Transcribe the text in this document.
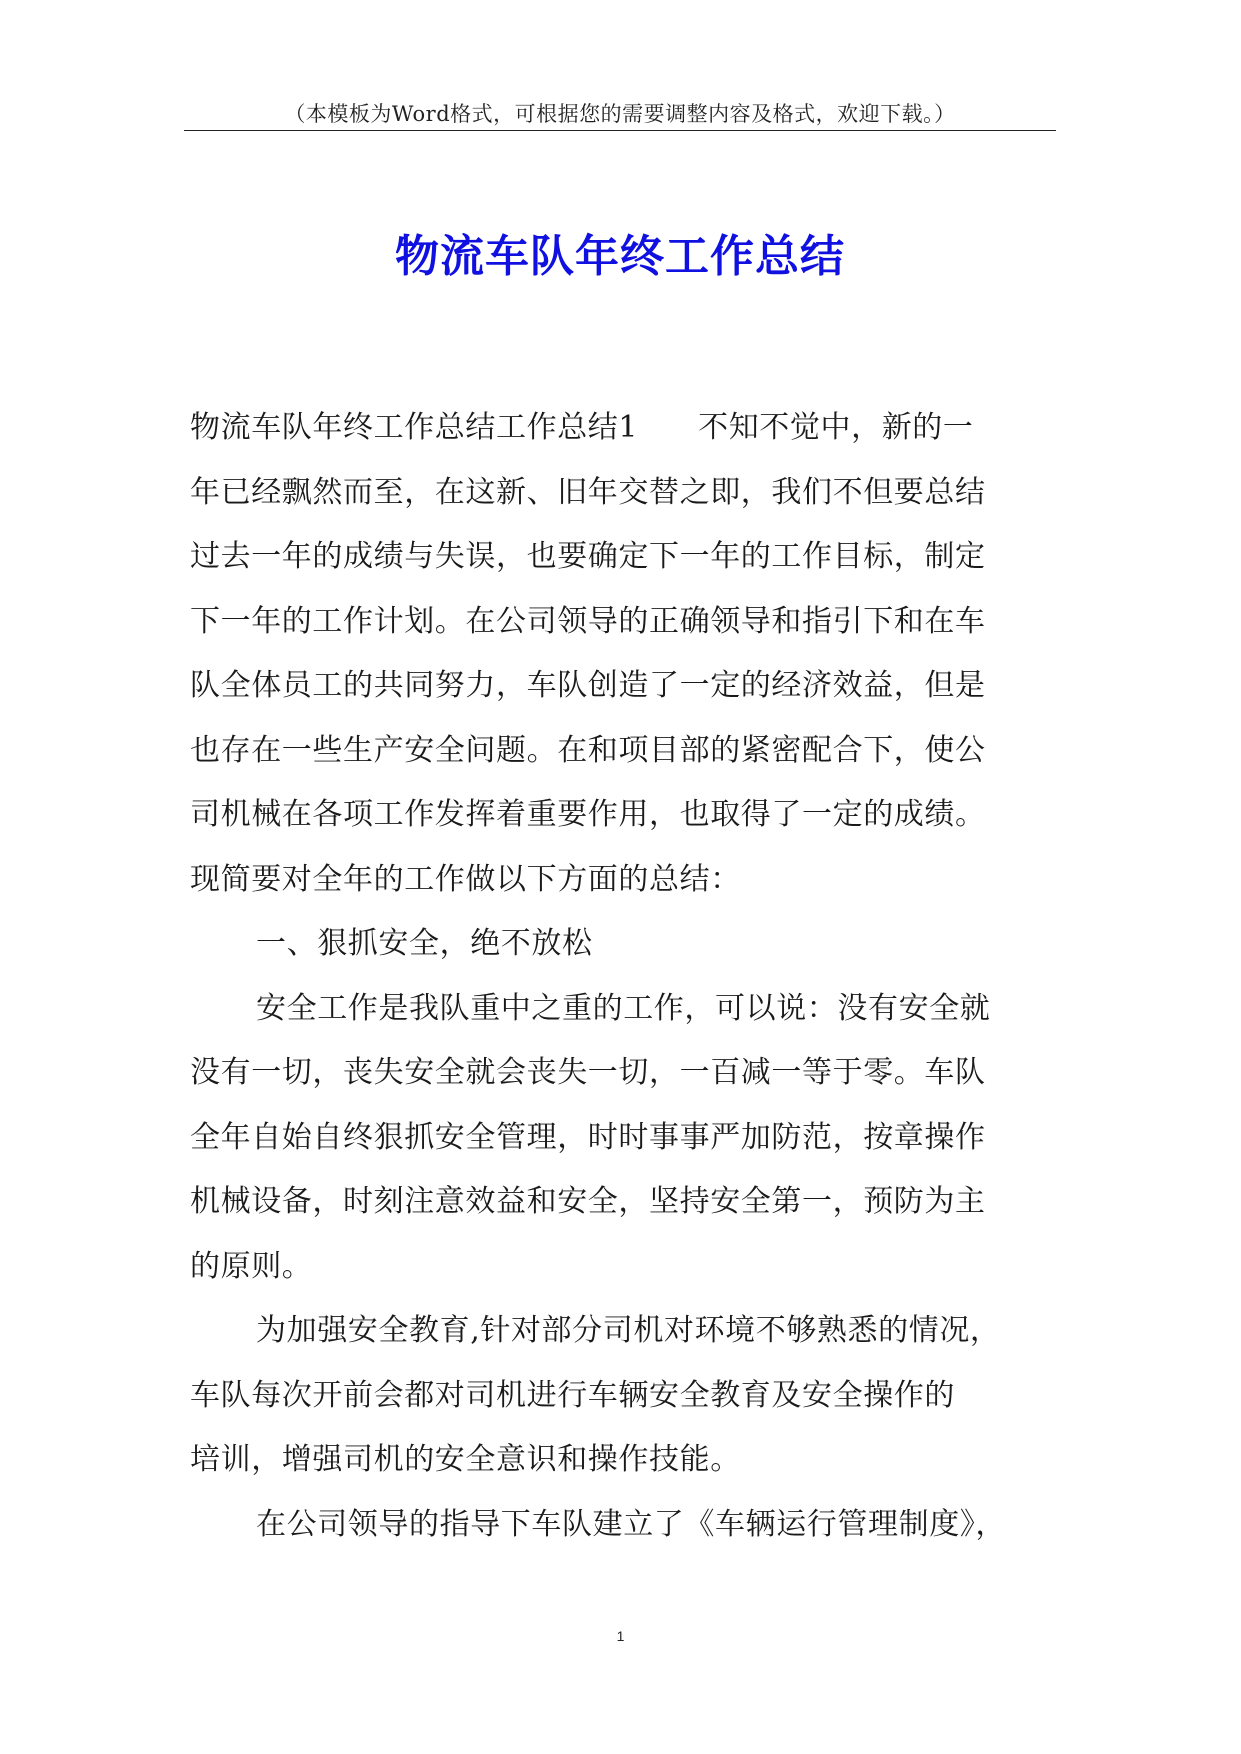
（本模板为Word格式，可根据您的需要调整内容及格式，欢迎下载。）
物流车队年终工作总结
物流车队年终工作总结工作总结1 不知不觉中，新的一
年已经飘然而至，在这新、旧年交替之即，我们不但要总结
过去一年的成绩与失误，也要确定下一年的工作目标，制定
下一年的工作计划。在公司领导的正确领导和指引下和在车
队全体员工的共同努力，车队创造了一定的经济效益，但是
也存在一些生产安全问题。在和项目部的紧密配合下，使公
司机械在各项工作发挥着重要作用，也取得了一定的成绩。
现简要对全年的工作做以下方面的总结：
一、狠抓安全，绝不放松
安全工作是我队重中之重的工作，可以说：没有安全就
没有一切，丧失安全就会丧失一切，一百减一等于零。车队
全年自始自终狠抓安全管理，时时事事严加防范，按章操作
机械设备，时刻注意效益和安全，坚持安全第一，预防为主
的原则。
为加强安全教育,针对部分司机对环境不够熟悉的情况，
车队每次开前会都对司机进行车辆安全教育及安全操作的
培训，增强司机的安全意识和操作技能。
在公司领导的指导下车队建立了《车辆运行管理制度》，
1
